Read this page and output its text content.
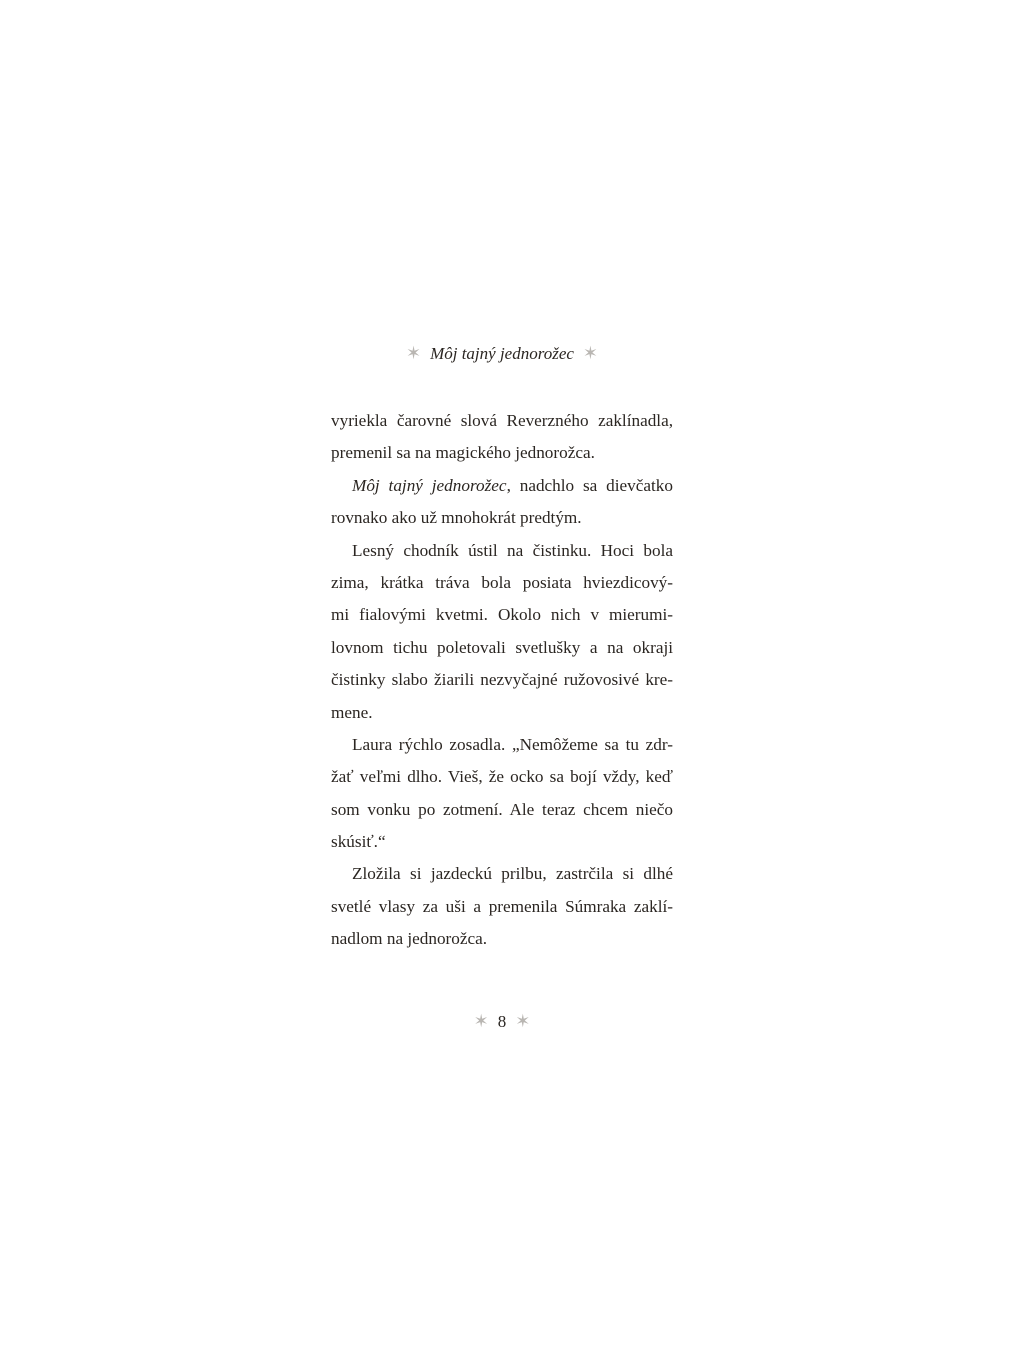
✶ Môj tajný jednorožec ✶
vyriekla čarovné slová Reverzného zaklínadla,
premenil sa na magického jednorožca.
Môj tajný jednorožec, nadchlo sa dievčatko
rovnako ako už mnohokrát predtým.
Lesný chodník ústil na čistinku. Hoci bola
zima, krátka tráva bola posiata hviezdicový-
mi fialovými kvetmi. Okolo nich v mierumi-
lovnom tichu poletovali svetlušky a na okraji
čistinky slabo žiarili nezvyčajné ružovosivé kre-
mene.
Laura rýchlo zosadla. „Nemôžeme sa tu zdr-
žať veľmi dlho. Vieš, že ocko sa bojí vždy, keď
som vonku po zotmení. Ale teraz chcem niečo
skúsiť.“
Zložila si jazdeckú prilbu, zastrčila si dlhé
svetlé vlasy za uši a premenila Súmraka zaklí-
nadlom na jednorožca.
✶ 8 ✶
